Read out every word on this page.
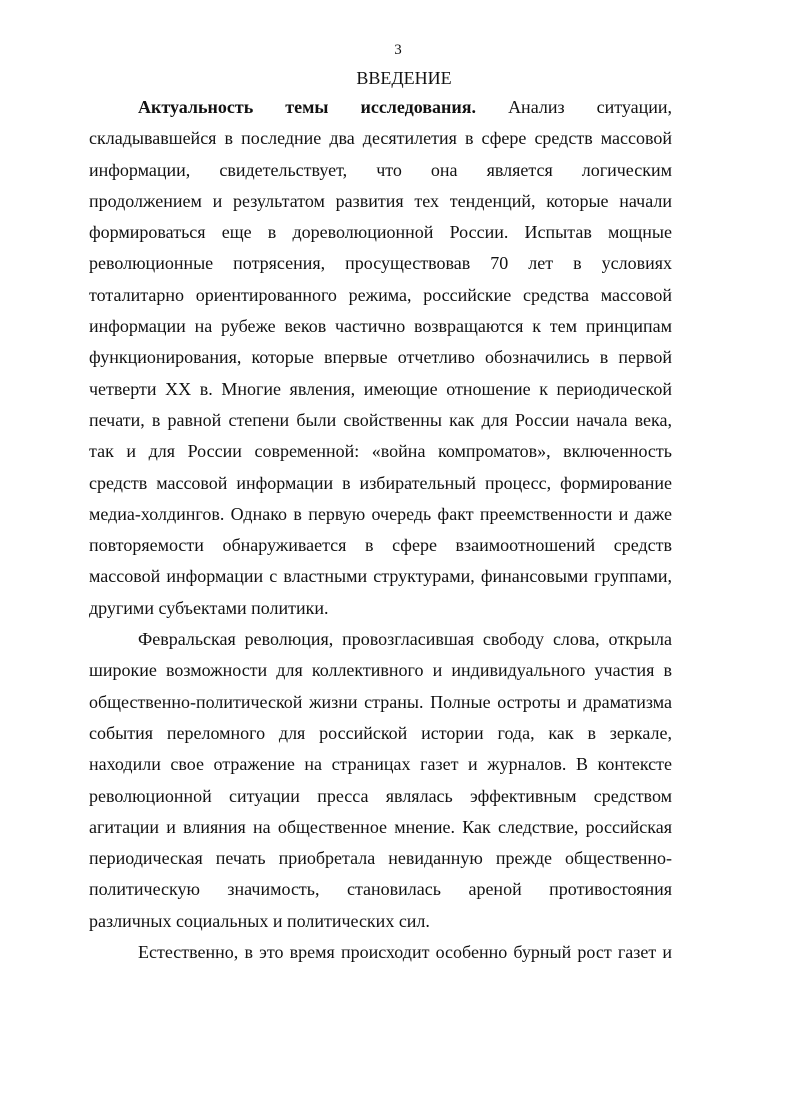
3
ВВЕДЕНИЕ
Актуальность темы исследования. Анализ ситуации,
складывавшейся в последние два десятилетия в сфере средств массовой
информации, свидетельствует, что она является логическим
продолжением и результатом развития тех тенденций, которые начали
формироваться еще в дореволюционной России. Испытав мощные
революционные потрясения, просуществовав 70 лет в условиях
тоталитарно ориентированного режима, российские средства массовой
информации на рубеже веков частично возвращаются к тем принципам
функционирования, которые впервые отчетливо обозначились в первой
четверти XX в. Многие явления, имеющие отношение к периодической
печати, в равной степени были свойственны как для России начала века,
так и для России современной: «война компроматов», включенность
средств массовой информации в избирательный процесс, формирование
медиа-холдингов. Однако в первую очередь факт преемственности и даже
повторяемости обнаруживается в сфере взаимоотношений средств
массовой информации с властными структурами, финансовыми группами,
другими субъектами политики.
Февральская революция, провозгласившая свободу слова, открыла
широкие возможности для коллективного и индивидуального участия в
общественно-политической жизни страны. Полные остроты и драматизма
события переломного для российской истории года, как в зеркале,
находили свое отражение на страницах газет и журналов. В контексте
революционной ситуации пресса являлась эффективным средством
агитации и влияния на общественное мнение. Как следствие, российская
периодическая печать приобретала невиданную прежде общественно-
политическую значимость, становилась ареной противостояния
различных социальных и политических сил.
Естественно, в это время происходит особенно бурный рост газет и
